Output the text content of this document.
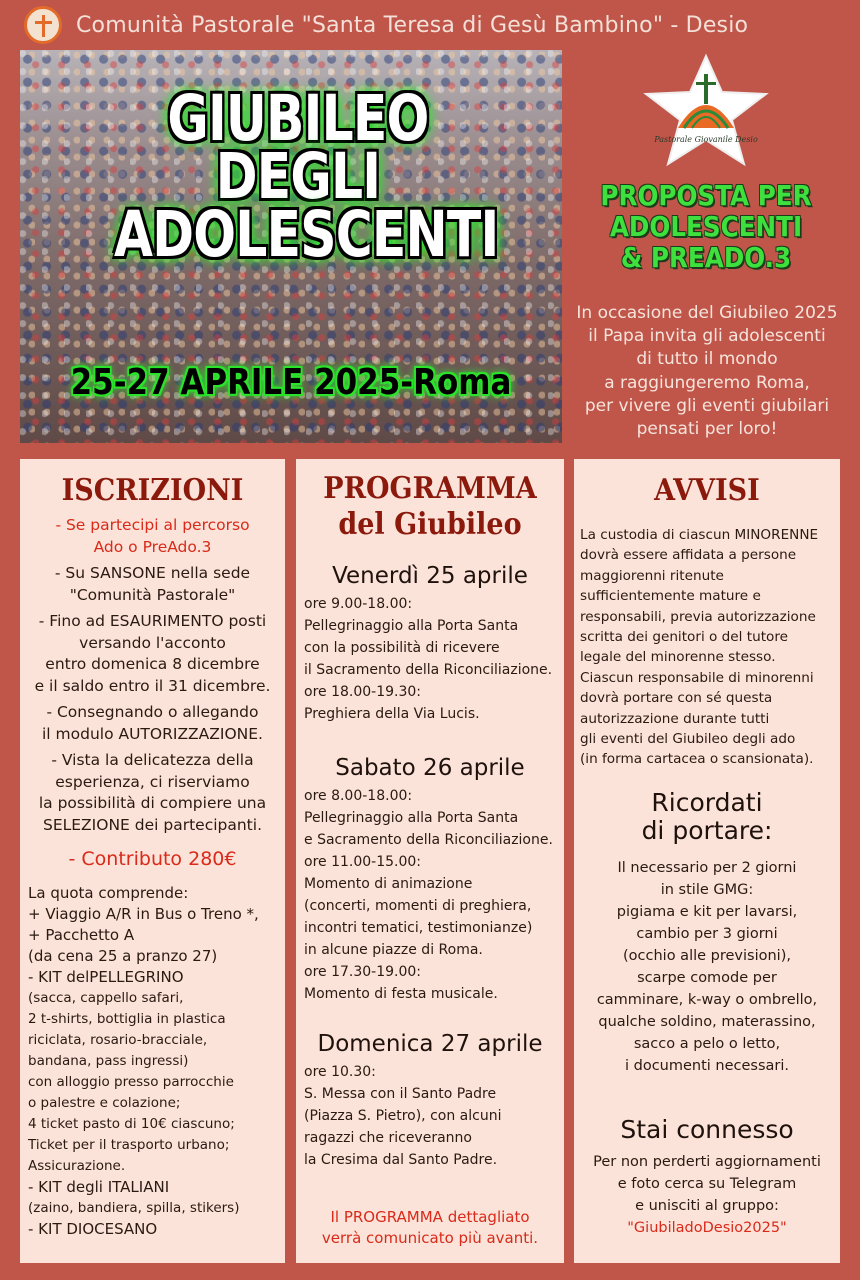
Comunità Pastorale "Santa Teresa di Gesù Bambino" - Desio
GIUBILEO
DEGLI
ADOLESCENTI
25-27 APRILE 2025-Roma
Pastorale Giovanile Desio
PROPOSTA PER
ADOLESCENTI
& PREADO.3
In occasione del Giubileo 2025
il Papa invita gli adolescenti
di tutto il mondo
a raggiungeremo Roma,
per vivere gli eventi giubilari
pensati per loro!
ISCRIZIONI
- Se partecipi al percorso
Ado o PreAdo.3
- Su SANSONE nella sede
"Comunità Pastorale"
- Fino ad ESAURIMENTO posti
versando l'acconto
entro domenica 8 dicembre
e il saldo entro il 31 dicembre.
- Consegnando o allegando
il modulo AUTORIZZAZIONE.
- Vista la delicatezza della
esperienza, ci riserviamo
la possibilità di compiere una
SELEZIONE dei partecipanti.
- Contributo 280€
La quota comprende:
+ Viaggio A/R in Bus o Treno *,
+ Pacchetto A
(da cena 25 a pranzo 27)
- KIT delPELLEGRINO
(sacca, cappello safari,
2 t-shirts, bottiglia in plastica
riciclata, rosario-bracciale,
bandana, pass ingressi)
con alloggio presso parrocchie
o palestre e colazione;
4 ticket pasto di 10€ ciascuno;
Ticket per il trasporto urbano;
Assicurazione.
- KIT degli ITALIANI
(zaino, bandiera, spilla, stikers)
- KIT DIOCESANO
PROGRAMMA
del Giubileo
Venerdì 25 aprile
ore 9.00-18.00:
Pellegrinaggio alla Porta Santa
con la possibilità di ricevere
il Sacramento della Riconciliazione.
ore 18.00-19.30:
Preghiera della Via Lucis.
Sabato 26 aprile
ore 8.00-18.00:
Pellegrinaggio alla Porta Santa
e Sacramento della Riconciliazione.
ore 11.00-15.00:
Momento di animazione
(concerti, momenti di preghiera,
incontri tematici, testimonianze)
in alcune piazze di Roma.
ore 17.30-19.00:
Momento di festa musicale.
Domenica 27 aprile
ore 10.30:
S. Messa con il Santo Padre
(Piazza S. Pietro), con alcuni
ragazzi che riceveranno
la Cresima dal Santo Padre.
Il PROGRAMMA dettagliato
verrà comunicato più avanti.
AVVISI
La custodia di ciascun MINORENNE
dovrà essere affidata a persone
maggiorenni ritenute
sufficientemente mature e
responsabili, previa autorizzazione
scritta dei genitori o del tutore
legale del minorenne stesso.
Ciascun responsabile di minorenni
dovrà portare con sé questa
autorizzazione durante tutti
gli eventi del Giubileo degli ado
(in forma cartacea o scansionata).
Ricordati
di portare:
Il necessario per 2 giorni
in stile GMG:
pigiama e kit per lavarsi,
cambio per 3 giorni
(occhio alle previsioni),
scarpe comode per
camminare, k-way o ombrello,
qualche soldino, materassino,
sacco a pelo o letto,
i documenti necessari.
Stai connesso
Per non perderti aggiornamenti
e foto cerca su Telegram
e unisciti al gruppo:
"GiubiladoDesio2025"
